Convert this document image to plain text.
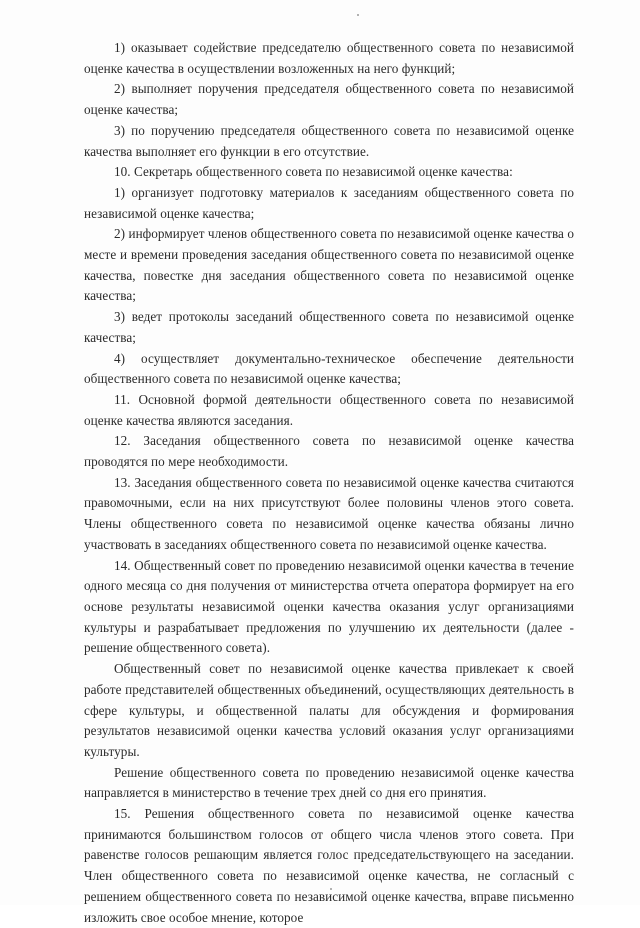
1) оказывает содействие председателю общественного совета по независимой оценке качества в осуществлении возложенных на него функций;

2) выполняет поручения председателя общественного совета по независимой оценке качества;

3) по поручению председателя общественного совета по независимой оценке качества выполняет его функции в его отсутствие.

10. Секретарь общественного совета по независимой оценке качества:

1) организует подготовку материалов к заседаниям общественного совета по независимой оценке качества;

2) информирует членов общественного совета по независимой оценке качества о месте и времени проведения заседания общественного совета по независимой оценке качества, повестке дня заседания общественного совета по независимой оценке качества;

3) ведет протоколы заседаний общественного совета по независимой оценке качества;

4) осуществляет документально-техническое обеспечение деятельности общественного совета по независимой оценке качества;

11. Основной формой деятельности общественного совета по независимой оценке качества являются заседания.

12. Заседания общественного совета по независимой оценке качества проводятся по мере необходимости.

13. Заседания общественного совета по независимой оценке качества считаются правомочными, если на них присутствуют более половины членов этого совета. Члены общественного совета по независимой оценке качества обязаны лично участвовать в заседаниях общественного совета по независимой оценке качества.

14. Общественный совет по проведению независимой оценки качества в течение одного месяца со дня получения от министерства отчета оператора формирует на его основе результаты независимой оценки качества оказания услуг организациями культуры и разрабатывает предложения по улучшению их деятельности (далее - решение общественного совета).

Общественный совет по независимой оценке качества привлекает к своей работе представителей общественных объединений, осуществляющих деятельность в сфере культуры, и общественной палаты для обсуждения и формирования результатов независимой оценки качества условий оказания услуг организациями культуры.

Решение общественного совета по проведению независимой оценке качества направляется в министерство в течение трех дней со дня его принятия.

15. Решения общественного совета по независимой оценке качества принимаются большинством голосов от общего числа членов этого совета. При равенстве голосов решающим является голос председательствующего на заседании. Член общественного совета по независимой оценке качества, не согласный с решением общественного совета по независимой оценке качества, вправе письменно изложить свое особое мнение, которое
